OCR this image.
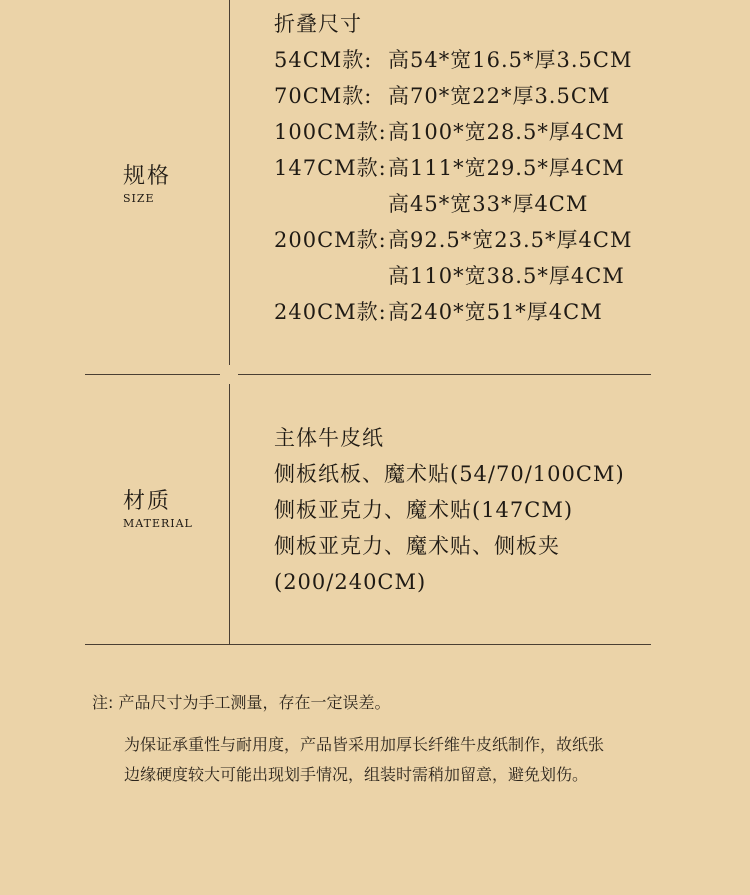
规格
SIZE
折叠尺寸
54CM款: 高54*宽16.5*厚3.5CM
70CM款: 高70*宽22*厚3.5CM
100CM款:高100*宽28.5*厚4CM
147CM款:高111*宽29.5*厚4CM
高45*宽33*厚4CM
200CM款:高92.5*宽23.5*厚4CM
高110*宽38.5*厚4CM
240CM款:高240*宽51*厚4CM
材质
MATERIAL
主体牛皮纸
侧板纸板、魔术贴(54/70/100CM)
侧板亚克力、魔术贴(147CM)
侧板亚克力、魔术贴、侧板夹
(200/240CM)
注: 产品尺寸为手工测量，存在一定误差。
为保证承重性与耐用度，产品皆采用加厚长纤维牛皮纸制作，故纸张
边缘硬度较大可能出现划手情况，组装时需稍加留意，避免划伤。
